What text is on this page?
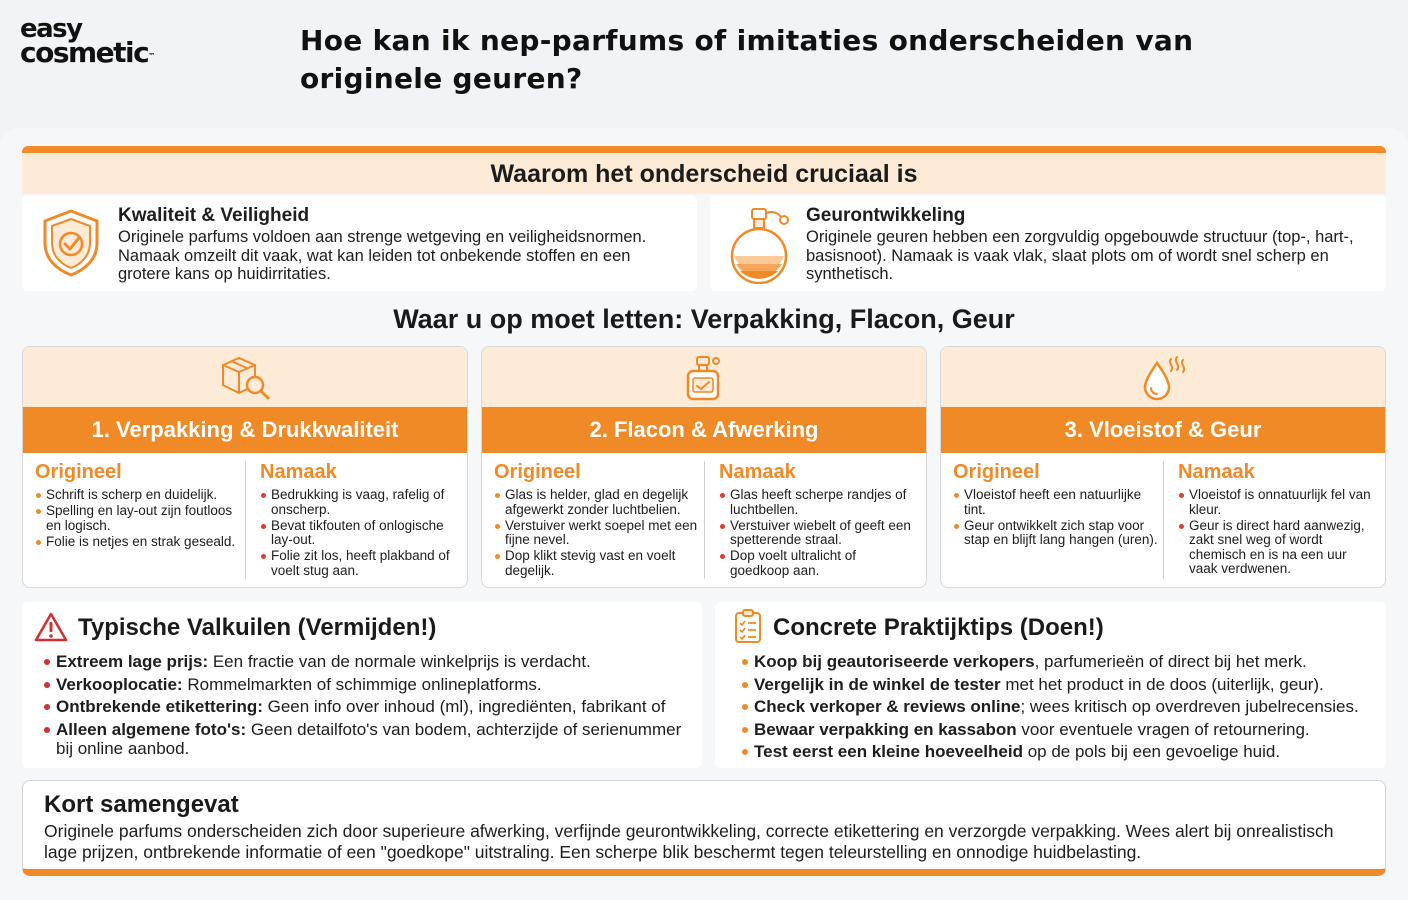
easy
cosmetic™	Hoe kan ik nep-parfums of imitaties onderscheiden van originele geuren?
Waarom het onderscheid cruciaal is
Kwaliteit & Veiligheid
Originele parfums voldoen aan strenge wetgeving en veiligheidsnormen. Namaak omzeilt dit vaak, wat kan leiden tot onbekende stoffen en een grotere kans op huidirritaties.
Geurontwikkeling
Originele geuren hebben een zorgvuldig opgebouwde structuur (top-, hart-, basisnoot). Namaak is vaak vlak, slaat plots om of wordt snel scherp en synthetisch.
Waar u op moet letten: Verpakking, Flacon, Geur
1. Verpakking & Drukkwaliteit
Origineel
Schrift is scherp en duidelijk.
Spelling en lay-out zijn foutloos en logisch.
Folie is netjes en strak geseald.
Namaak
Bedrukking is vaag, rafelig of onscherp.
Bevat tikfouten of onlogische lay-out.
Folie zit los, heeft plakband of voelt stug aan.
2. Flacon & Afwerking
Origineel
Glas is helder, glad en degelijk afgewerkt zonder luchtbelien.
Verstuiver werkt soepel met een fijne nevel.
Dop klikt stevig vast en voelt degelijk.
Namaak
Glas heeft scherpe randjes of luchtbellen.
Verstuiver wiebelt of geeft een spetterende straal.
Dop voelt ultralicht of goedkoop aan.
3. Vloeistof & Geur
Origineel
Vloeistof heeft een natuurlijke tint.
Geur ontwikkelt zich stap voor stap en blijft lang hangen (uren).
Namaak
Vloeistof is onnatuurlijk fel van kleur.
Geur is direct hard aanwezig, zakt snel weg of wordt chemisch en is na een uur vaak verdwenen.
Typische Valkuilen (Vermijden!)
Extreem lage prijs: Een fractie van de normale winkelprijs is verdacht.
Verkooplocatie: Rommelmarkten of schimmige onlineplatforms.
Ontbrekende etikettering: Geen info over inhoud (ml), ingrediënten, fabrikant of
Alleen algemene foto's: Geen detailfoto's van bodem, achterzijde of serienummer bij online aanbod.
Concrete Praktijktips (Doen!)
Koop bij geautoriseerde verkopers, parfumerieën of direct bij het merk.
Vergelijk in de winkel de tester met het product in de doos (uiterlijk, geur).
Check verkoper & reviews online; wees kritisch op overdreven jubelrecensies.
Bewaar verpakking en kassabon voor eventuele vragen of retournering.
Test eerst een kleine hoeveelheid op de pols bij een gevoelige huid.
Kort samengevat
Originele parfums onderscheiden zich door superieure afwerking, verfijnde geurontwikkeling, correcte etikettering en verzorgde verpakking. Wees alert bij onrealistisch lage prijzen, ontbrekende informatie of een "goedkope" uitstraling. Een scherpe blik beschermt tegen teleurstelling en onnodige huidbelasting.
